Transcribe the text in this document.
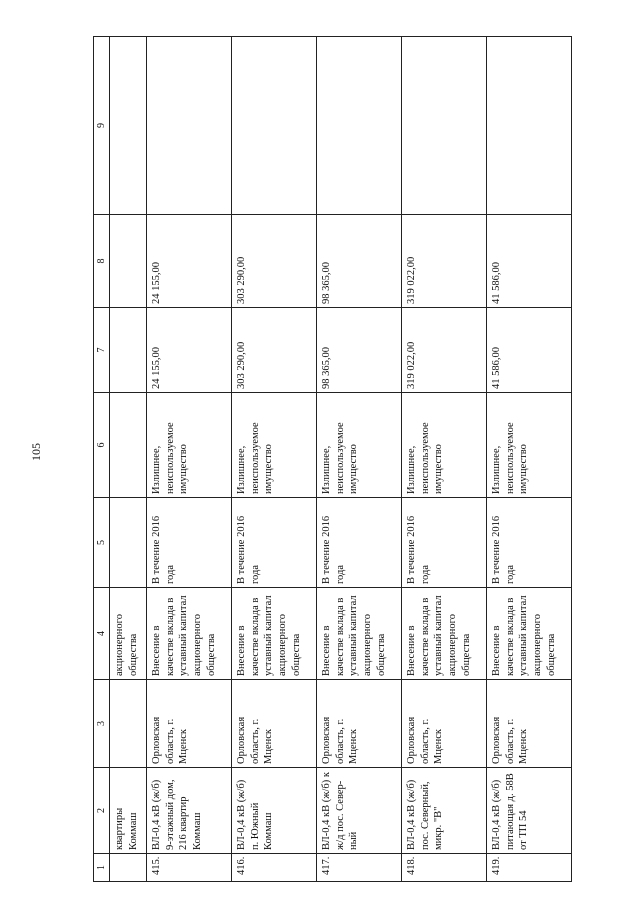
105
1	2	3	4	5	6	7	8	9
	квартиры Коммаш		акционерного общества					
415.	ВЛ-0,4 кВ (ж/б) 9-этажный дом, 216 квартир Коммаш	Орловская область, г. Мценск	Внесение в качестве вклада в уставный капитал акционерного общества	В течение 2016 года	Излишнее, неиспользуемое имущество	24 155,00	24 155,00	
416.	ВЛ-0,4 кВ (ж/б) п. Южный Коммаш	Орловская область, г. Мценск	Внесение в качестве вклада в уставный капитал акционерного общества	В течение 2016 года	Излишнее, неиспользуемое имущество	303 290,00	303 290,00	
417.	ВЛ-0,4 кВ (ж/б) к ж/д пос. Север-ный	Орловская область, г. Мценск	Внесение в качестве вклада в уставный капитал акционерного общества	В течение 2016 года	Излишнее, неиспользуемое имущество	98 365,00	98 365,00	
418.	ВЛ-0,4 кВ (ж/б) пос. Северный, микр. "В"	Орловская область, г. Мценск	Внесение в качестве вклада в уставный капитал акционерного общества	В течение 2016 года	Излишнее, неиспользуемое имущество	319 022,00	319 022,00	
419.	ВЛ-0,4 кВ (ж/б) питающая д. 58В от ТП 54	Орловская область, г. Мценск	Внесение в качестве вклада в уставный капитал акционерного общества	В течение 2016 года	Излишнее, неиспользуемое имущество	41 586,00	41 586,00	
